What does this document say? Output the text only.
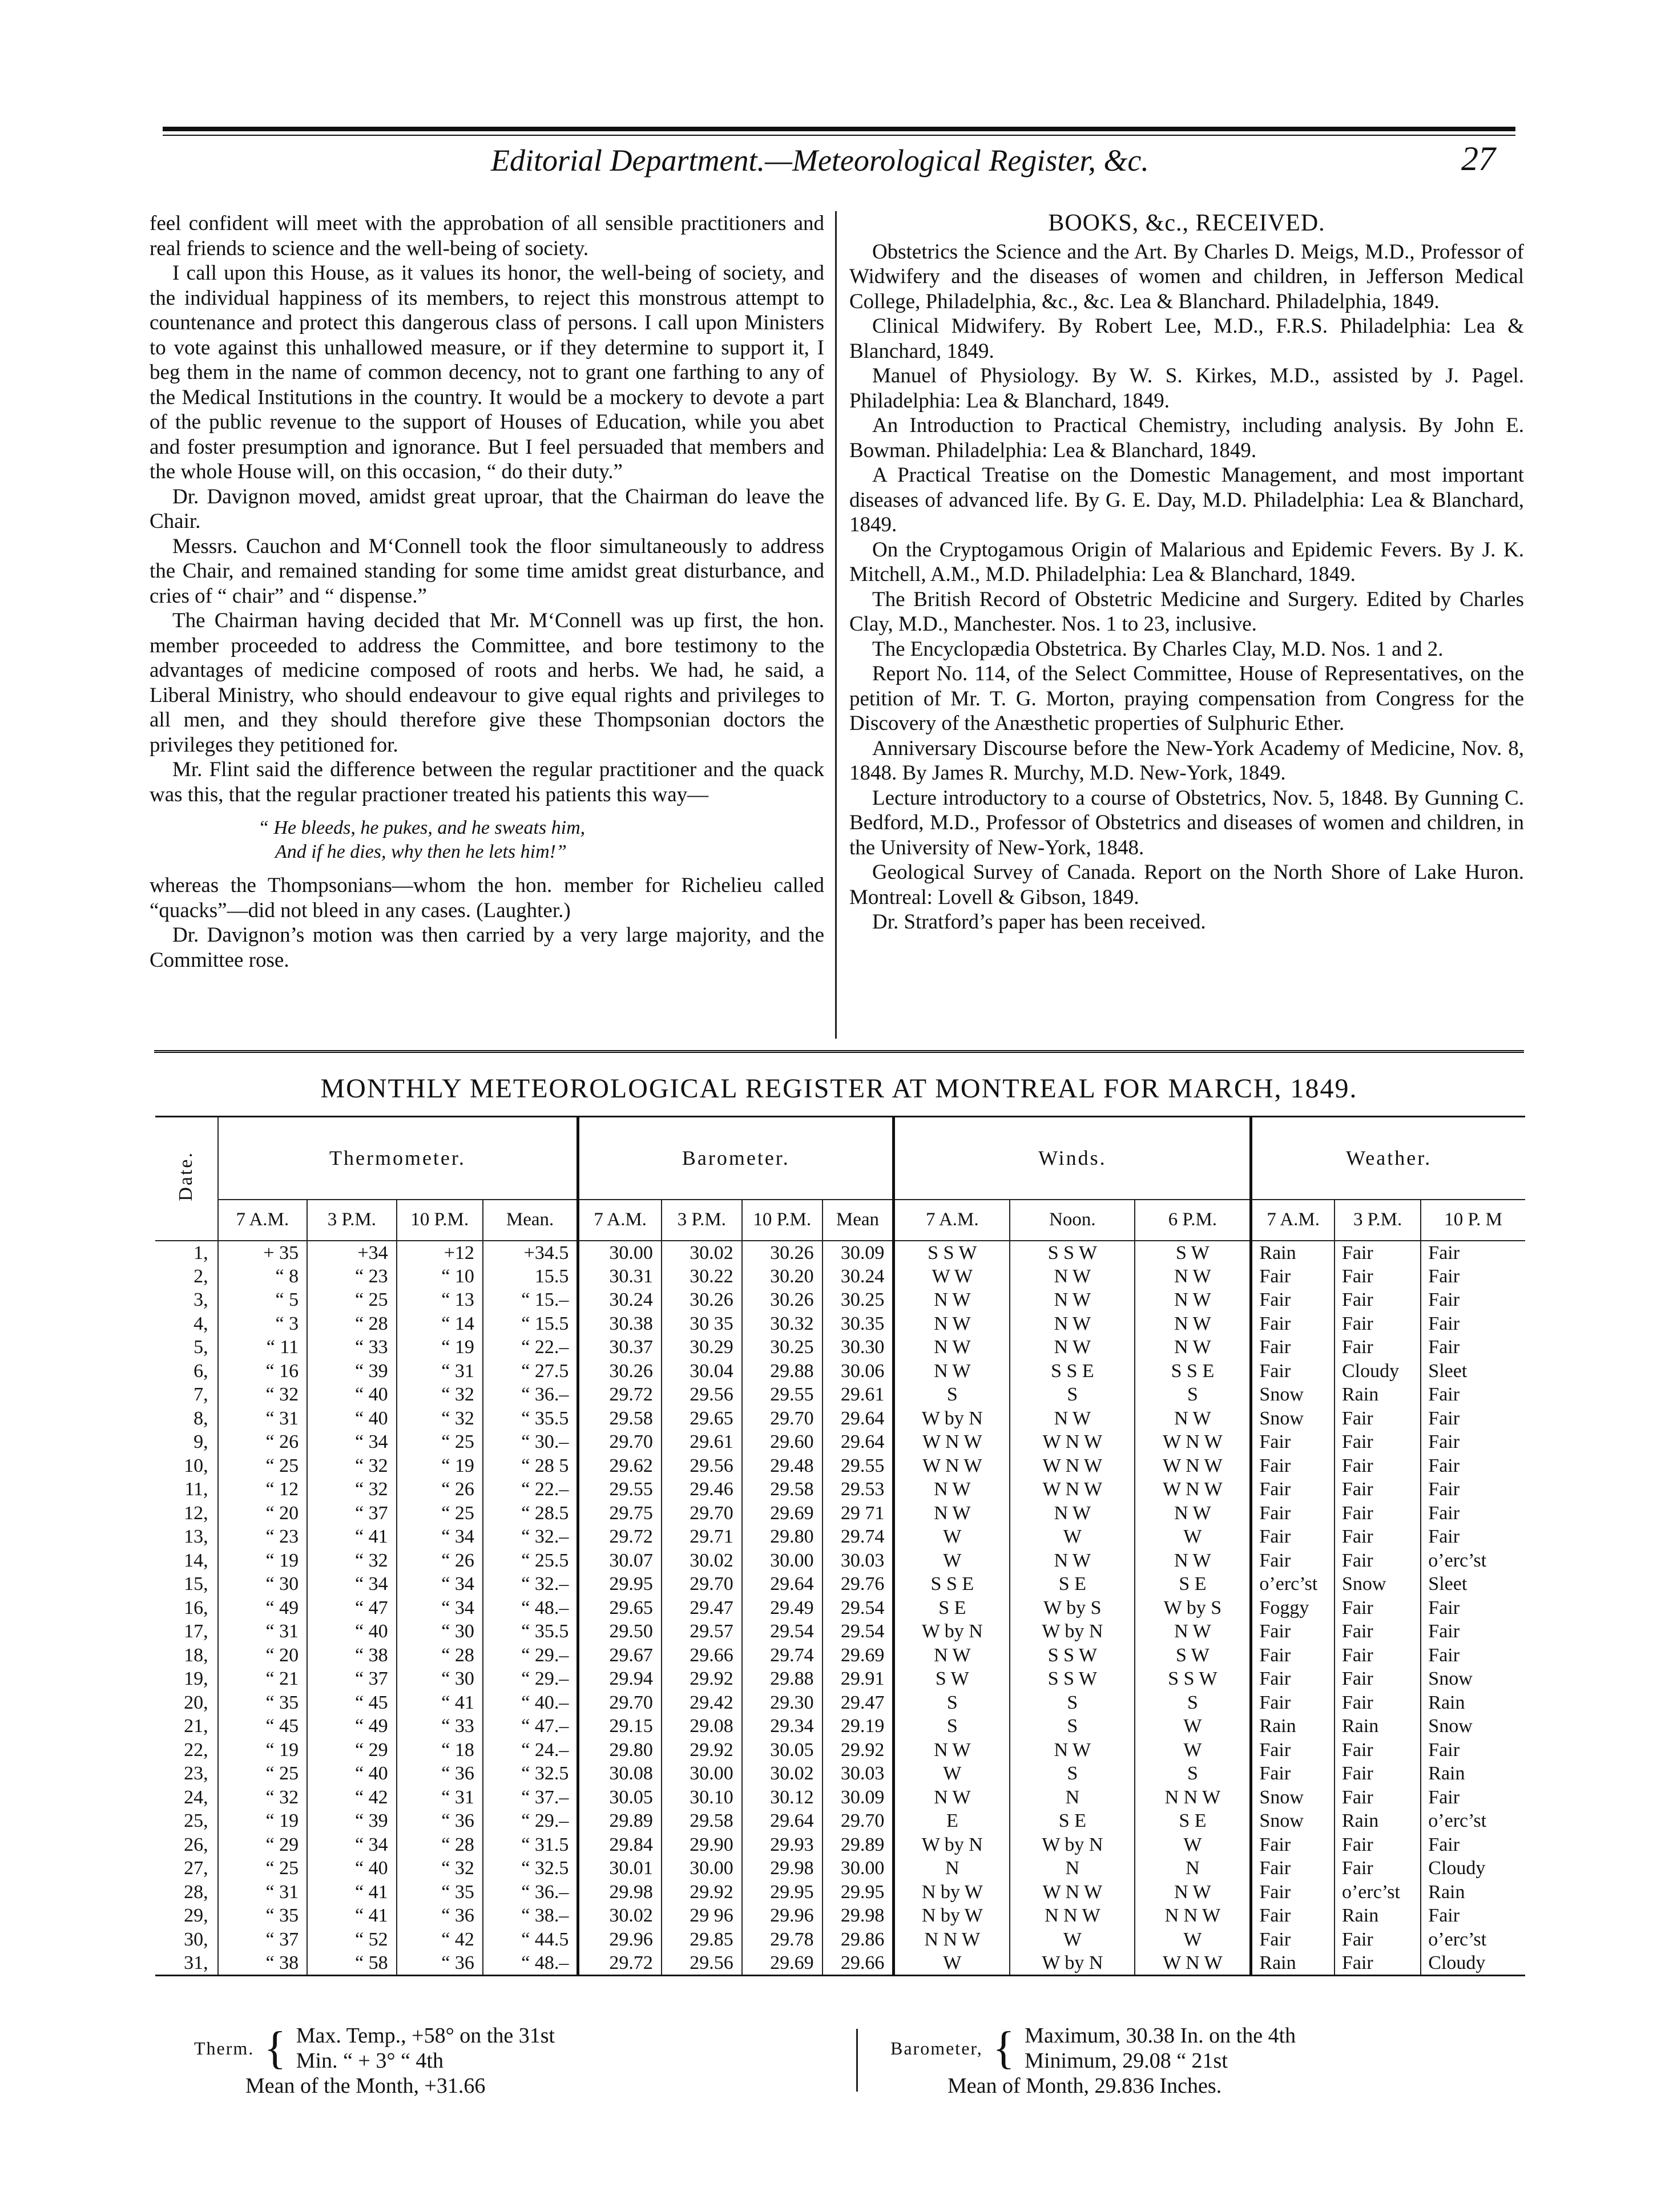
Editorial Department.—Meteorological Register, &c.	27

feel confident will meet with the approbation of all sensible practitioners and real friends to science and the well-being of society.

I call upon this House, as it values its honor, the well-being of society, and the individual happiness of its members, to reject this monstrous attempt to countenance and protect this dangerous class of persons. I call upon Ministers to vote against this unhallowed measure, or if they determine to support it, I beg them in the name of common decency, not to grant one farthing to any of the Medical Institutions in the country. It would be a mockery to devote a part of the public revenue to the support of Houses of Education, while you abet and foster presumption and ignorance. But I feel persuaded that members and the whole House will, on this occasion, “ do their duty.”

Dr. Davignon moved, amidst great uproar, that the Chairman do leave the Chair.

Messrs. Cauchon and M‘Connell took the floor simultaneously to address the Chair, and remained standing for some time amidst great disturbance, and cries of “ chair” and “ dispense.”

The Chairman having decided that Mr. M‘Connell was up first, the hon. member proceeded to address the Committee, and bore testimony to the advantages of medicine composed of roots and herbs. We had, he said, a Liberal Ministry, who should endeavour to give equal rights and privileges to all men, and they should therefore give these Thompsonian doctors the privileges they petitioned for.

Mr. Flint said the difference between the regular practitioner and the quack was this, that the regular practioner treated his patients this way—

“ He bleeds, he pukes, and he sweats him,
And if he dies, why then he lets him!”

whereas the Thompsonians—whom the hon. member for Richelieu called “quacks”—did not bleed in any cases. (Laughter.)

Dr. Davignon’s motion was then carried by a very large majority, and the Committee rose.

BOOKS, &c., RECEIVED.

Obstetrics the Science and the Art. By Charles D. Meigs, M.D., Professor of Widwifery and the diseases of women and children, in Jefferson Medical College, Philadelphia, &c., &c. Lea & Blanchard. Philadelphia, 1849.

Clinical Midwifery. By Robert Lee, M.D., F.R.S. Philadelphia: Lea & Blanchard, 1849.

Manuel of Physiology. By W. S. Kirkes, M.D., assisted by J. Pagel. Philadelphia: Lea & Blanchard, 1849.

An Introduction to Practical Chemistry, including analysis. By John E. Bowman. Philadelphia: Lea & Blanchard, 1849.

A Practical Treatise on the Domestic Management, and most important diseases of advanced life. By G. E. Day, M.D. Philadelphia: Lea & Blanchard, 1849.

On the Cryptogamous Origin of Malarious and Epidemic Fevers. By J. K. Mitchell, A.M., M.D. Philadelphia: Lea & Blanchard, 1849.

The British Record of Obstetric Medicine and Surgery. Edited by Charles Clay, M.D., Manchester. Nos. 1 to 23, inclusive.

The Encyclopædia Obstetrica. By Charles Clay, M.D. Nos. 1 and 2.

Report No. 114, of the Select Committee, House of Representatives, on the petition of Mr. T. G. Morton, praying compensation from Congress for the Discovery of the Anæsthetic properties of Sulphuric Ether.

Anniversary Discourse before the New-York Academy of Medicine, Nov. 8, 1848. By James R. Murchy, M.D. New-York, 1849.

Lecture introductory to a course of Obstetrics, Nov. 5, 1848. By Gunning C. Bedford, M.D., Professor of Obstetrics and diseases of women and children, in the University of New-York, 1848.

Geological Survey of Canada. Report on the North Shore of Lake Huron. Montreal: Lovell & Gibson, 1849.

Dr. Stratford’s paper has been received.

MONTHLY METEOROLOGICAL REGISTER AT MONTREAL FOR MARCH, 1849.
Date.	Thermometer.				Barometer.				Winds.			Weather.		
	7 A.M.	3 P.M.	10 P.M.	Mean.	7 A.M.	3 P.M.	10 P.M.	Mean	7 A.M.	Noon.	6 P.M.	7 A.M.	3 P.M.	10 P. M
1,	+ 35	+34	+12	+34.5	30.00	30.02	30.26	30.09	S S W	S S W	S W	Rain	Fair	Fair
2,	“ 8	“ 23	“ 10	15.5	30.31	30.22	30.20	30.24	W W	N W	N W	Fair	Fair	Fair
3,	“ 5	“ 25	“ 13	“ 15.–	30.24	30.26	30.26	30.25	N W	N W	N W	Fair	Fair	Fair
4,	“ 3	“ 28	“ 14	“ 15.5	30.38	30 35	30.32	30.35	N W	N W	N W	Fair	Fair	Fair
5,	“ 11	“ 33	“ 19	“ 22.–	30.37	30.29	30.25	30.30	N W	N W	N W	Fair	Fair	Fair
6,	“ 16	“ 39	“ 31	“ 27.5	30.26	30.04	29.88	30.06	N W	S S E	S S E	Fair	Cloudy	Sleet
7,	“ 32	“ 40	“ 32	“ 36.–	29.72	29.56	29.55	29.61	S	S	S	Snow	Rain	Fair
8,	“ 31	“ 40	“ 32	“ 35.5	29.58	29.65	29.70	29.64	W by N	N W	N W	Snow	Fair	Fair
9,	“ 26	“ 34	“ 25	“ 30.–	29.70	29.61	29.60	29.64	W N W	W N W	W N W	Fair	Fair	Fair
10,	“ 25	“ 32	“ 19	“ 28 5	29.62	29.56	29.48	29.55	W N W	W N W	W N W	Fair	Fair	Fair
11,	“ 12	“ 32	“ 26	“ 22.–	29.55	29.46	29.58	29.53	N W	W N W	W N W	Fair	Fair	Fair
12,	“ 20	“ 37	“ 25	“ 28.5	29.75	29.70	29.69	29 71	N W	N W	N W	Fair	Fair	Fair
13,	“ 23	“ 41	“ 34	“ 32.–	29.72	29.71	29.80	29.74	W	W	W	Fair	Fair	Fair
14,	“ 19	“ 32	“ 26	“ 25.5	30.07	30.02	30.00	30.03	W	N W	N W	Fair	Fair	o’erc’st
15,	“ 30	“ 34	“ 34	“ 32.–	29.95	29.70	29.64	29.76	S S E	S E	S E	o’erc’st	Snow	Sleet
16,	“ 49	“ 47	“ 34	“ 48.–	29.65	29.47	29.49	29.54	S E	W by S	W by S	Foggy	Fair	Fair
17,	“ 31	“ 40	“ 30	“ 35.5	29.50	29.57	29.54	29.54	W by N	W by N	N W	Fair	Fair	Fair
18,	“ 20	“ 38	“ 28	“ 29.–	29.67	29.66	29.74	29.69	N W	S S W	S W	Fair	Fair	Fair
19,	“ 21	“ 37	“ 30	“ 29.–	29.94	29.92	29.88	29.91	S W	S S W	S S W	Fair	Fair	Snow
20,	“ 35	“ 45	“ 41	“ 40.–	29.70	29.42	29.30	29.47	S	S	S	Fair	Fair	Rain
21,	“ 45	“ 49	“ 33	“ 47.–	29.15	29.08	29.34	29.19	S	S	W	Rain	Rain	Snow
22,	“ 19	“ 29	“ 18	“ 24.–	29.80	29.92	30.05	29.92	N W	N W	W	Fair	Fair	Fair
23,	“ 25	“ 40	“ 36	“ 32.5	30.08	30.00	30.02	30.03	W	S	S	Fair	Fair	Rain
24,	“ 32	“ 42	“ 31	“ 37.–	30.05	30.10	30.12	30.09	N W	N	N N W	Snow	Fair	Fair
25,	“ 19	“ 39	“ 36	“ 29.–	29.89	29.58	29.64	29.70	E	S E	S E	Snow	Rain	o’erc’st
26,	“ 29	“ 34	“ 28	“ 31.5	29.84	29.90	29.93	29.89	W by N	W by N	W	Fair	Fair	Fair
27,	“ 25	“ 40	“ 32	“ 32.5	30.01	30.00	29.98	30.00	N	N	N	Fair	Fair	Cloudy
28,	“ 31	“ 41	“ 35	“ 36.–	29.98	29.92	29.95	29.95	N by W	W N W	N W	Fair	o’erc’st	Rain
29,	“ 35	“ 41	“ 36	“ 38.–	30.02	29 96	29.96	29.98	N by W	N N W	N N W	Fair	Rain	Fair
30,	“ 37	“ 52	“ 42	“ 44.5	29.96	29.85	29.78	29.86	N N W	W	W	Fair	Fair	o’erc’st
31,	“ 38	“ 58	“ 36	“ 48.–	29.72	29.56	29.69	29.66	W	W by N	W N W	Rain	Fair	Cloudy
Therm. { Max. Temp., +58° on the 31st
Min. “ + 3° “ 4th
Mean of the Month, +31.66
Barometer, { Maximum, 30.38 In. on the 4th
Minimum, 29.08 “ 21st
Mean of Month, 29.836 Inches.
